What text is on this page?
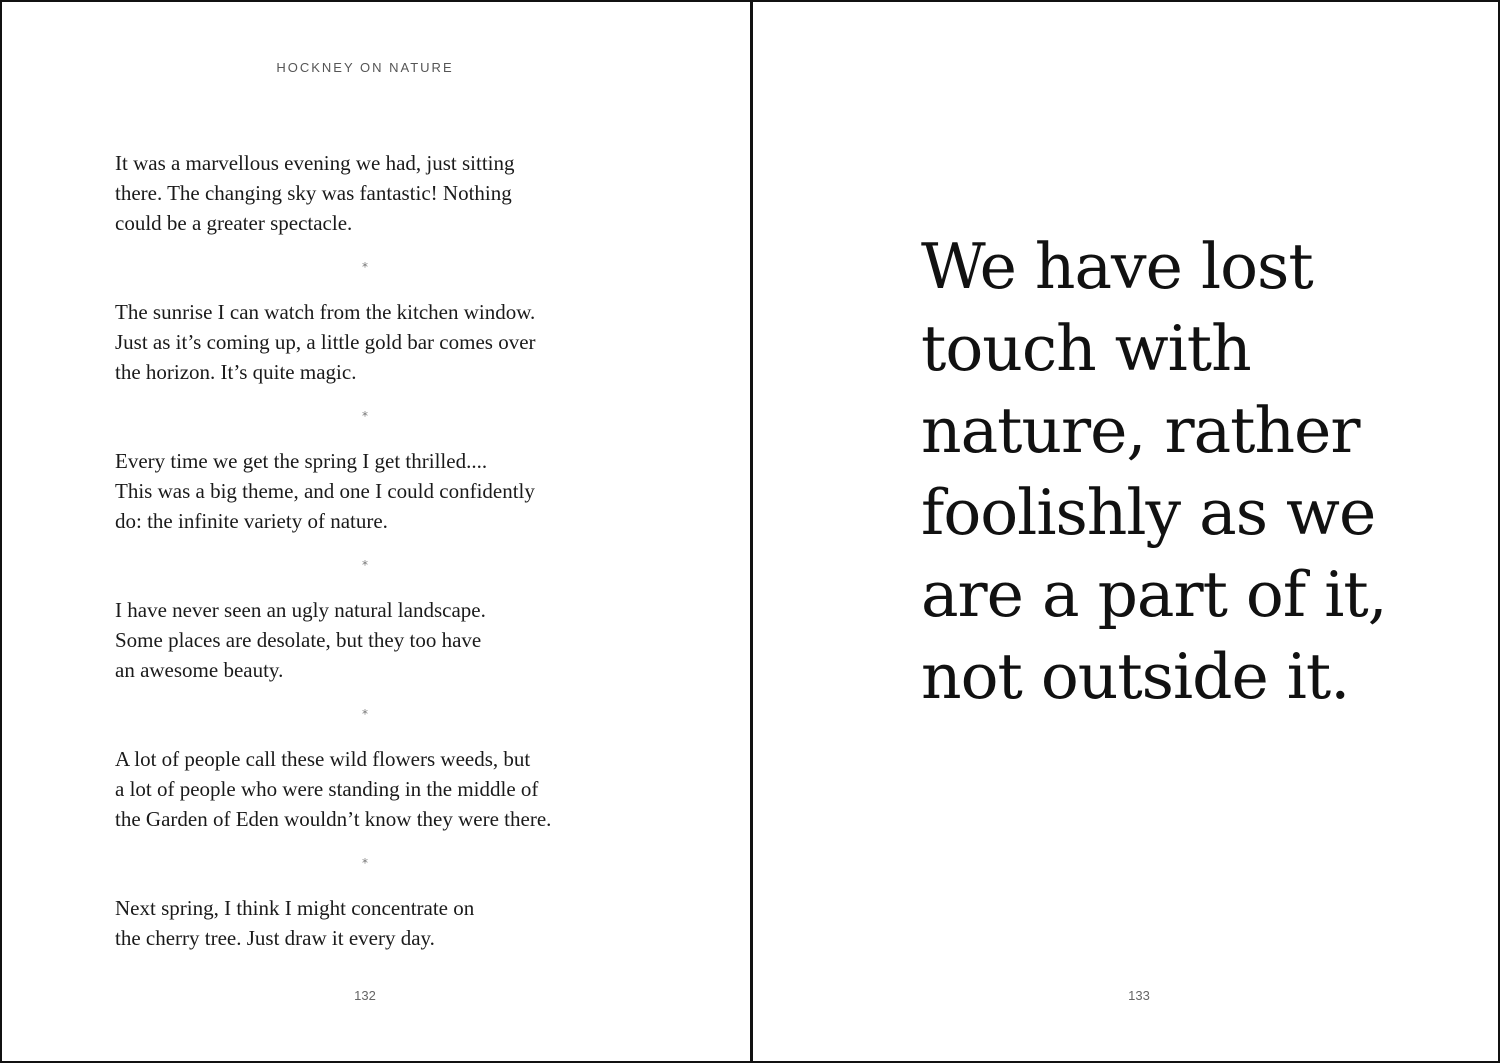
HOCKNEY ON NATURE

It was a marvellous evening we had, just sitting
there. The changing sky was fantastic! Nothing
could be a greater spectacle.

*

The sunrise I can watch from the kitchen window.
Just as it’s coming up, a little gold bar comes over
the horizon. It’s quite magic.

*

Every time we get the spring I get thrilled....
This was a big theme, and one I could confidently
do: the infinite variety of nature.

*

I have never seen an ugly natural landscape.
Some places are desolate, but they too have
an awesome beauty.

*

A lot of people call these wild flowers weeds, but
a lot of people who were standing in the middle of
the Garden of Eden wouldn’t know they were there.

*

Next spring, I think I might concentrate on
the cherry tree. Just draw it every day.

132

We have lost
touch with
nature, rather
foolishly as we
are a part of it,
not outside it.

133
